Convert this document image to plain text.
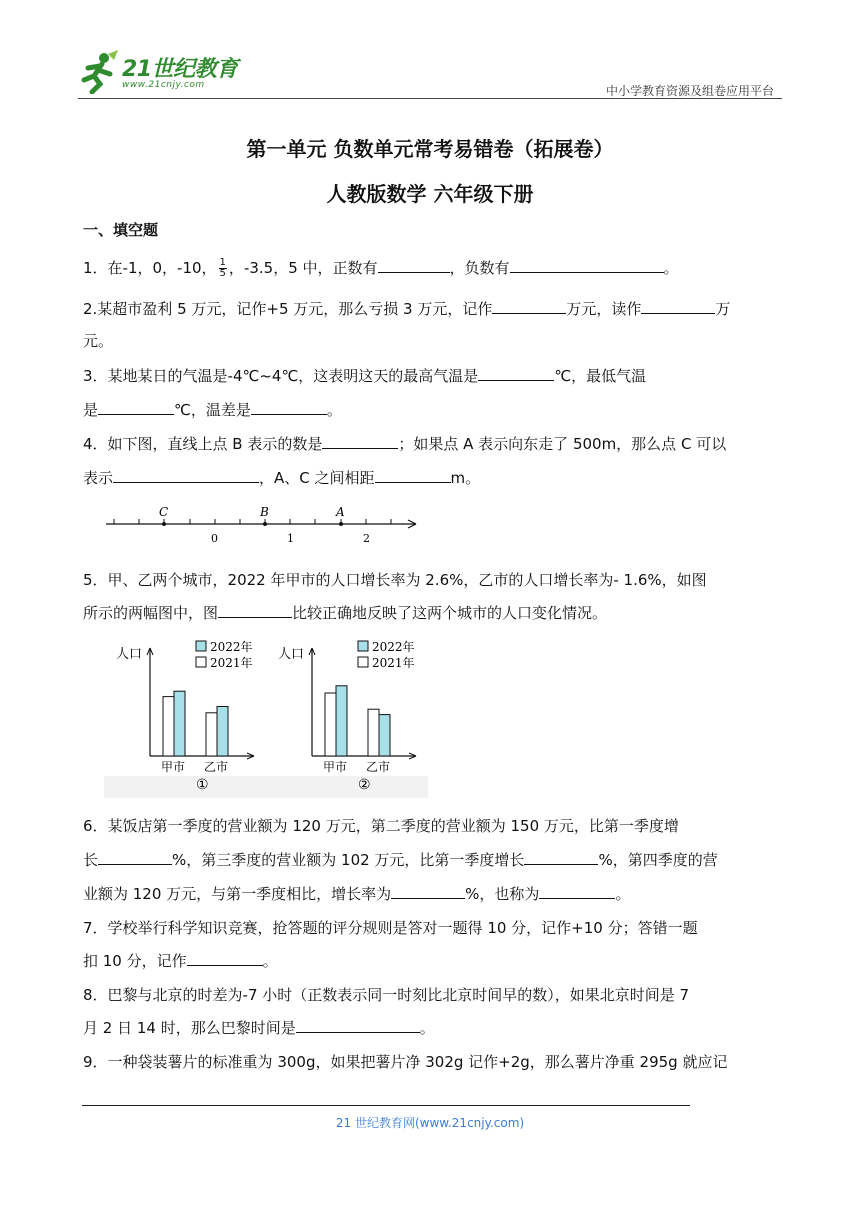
21世纪教育
www.21cnjy.com	中小学教育资源及组卷应用平台
第一单元 负数单元常考易错卷（拓展卷）
人教版数学 六年级下册
一、填空题
1．在-1，0，-10， $\frac{1}{5}$ ，-3.5，5 中，正数有	，负数有	。
2.某超市盈利 5 万元，记作+5 万元，那么亏损 3 万元，记作	万元，读作	万
元。
3．某地某日的气温是-4℃~4℃，这表明这天的最高气温是	℃，最低气温
是	℃，温差是	。
4．如下图，直线上点 B 表示的数是	；如果点 A 表示向东走了 500m，那么点 C 可以
表示	，A、C 之间相距	m。
C	B	A
0	1	2
5．甲、乙两个城市，2022 年甲市的人口增长率为 2.6%，乙市的人口增长率为- 1.6%，如图
所示的两幅图中，图	比较正确地反映了这两个城市的人口变化情况。
人口	2022年
2021年
甲市 乙市
①
人口	2022年
2021年
甲市 乙市
②
6．某饭店第一季度的营业额为 120 万元，第二季度的营业额为 150 万元，比第一季度增
长	%，第三季度的营业额为 102 万元，比第一季度增长	%，第四季度的营
业额为 120 万元，与第一季度相比，增长率为	%，也称为	。
7．学校举行科学知识竞赛，抢答题的评分规则是答对一题得 10 分，记作+10 分；答错一题
扣 10 分，记作	。
8．巴黎与北京的时差为-7 小时（正数表示同一时刻比北京时间早的数），如果北京时间是 7
月 2 日 14 时，那么巴黎时间是	。
9．一种袋装薯片的标准重为 300g，如果把薯片净 302g 记作+2g，那么薯片净重 295g 就应记
21 世纪教育网(www.21cnjy.com)
